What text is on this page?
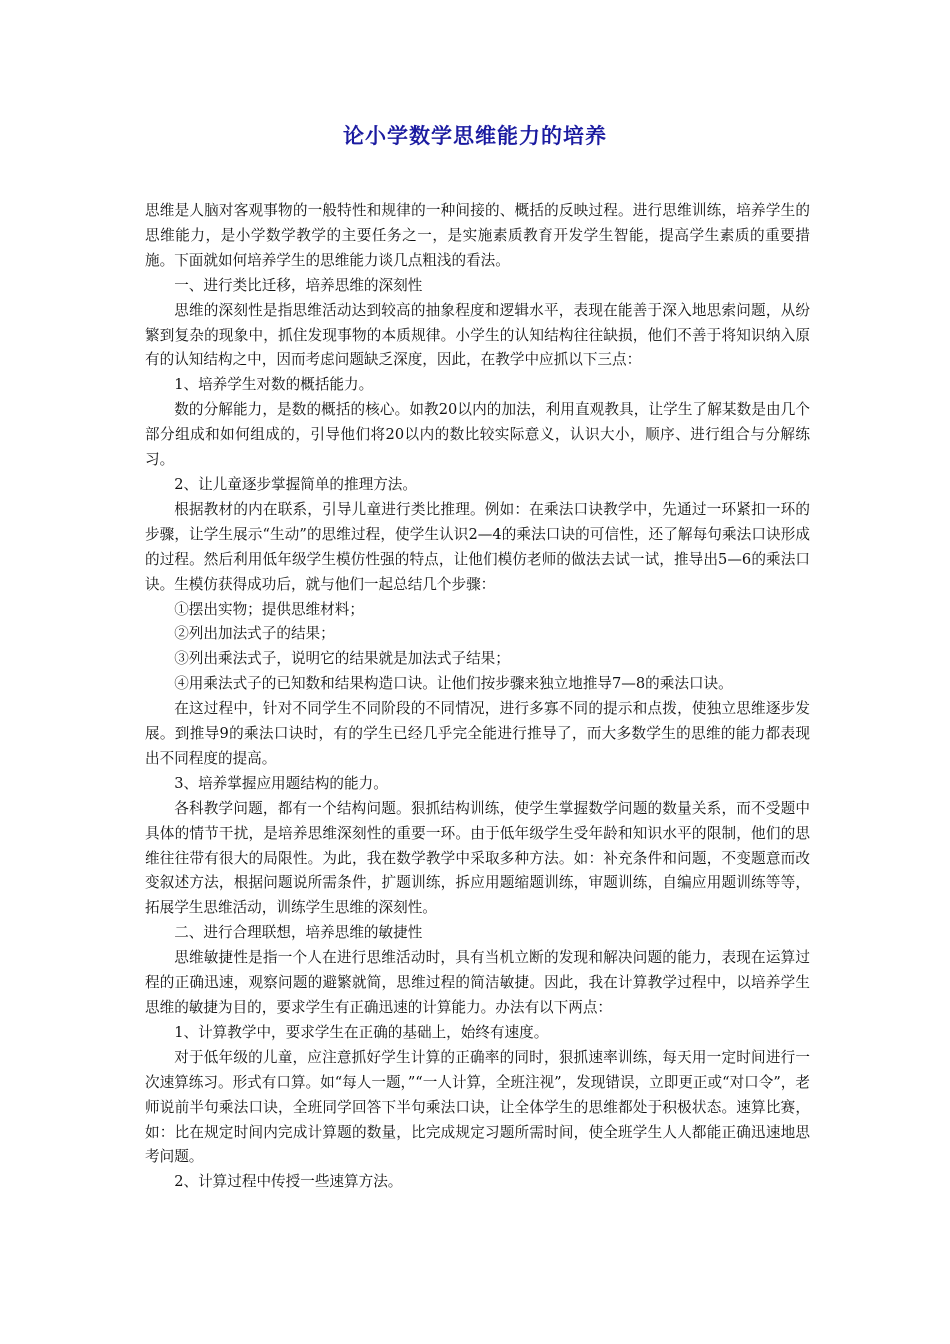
论小学数学思维能力的培养

思维是人脑对客观事物的一般特性和规律的一种间接的、概括的反映过程。进行思维训练，培养学生的思维能力，是小学数学教学的主要任务之一，是实施素质教育开发学生智能，提高学生素质的重要措施。下面就如何培养学生的思维能力谈几点粗浅的看法。

一、进行类比迁移，培养思维的深刻性

思维的深刻性是指思维活动达到较高的抽象程度和逻辑水平，表现在能善于深入地思索问题，从纷繁到复杂的现象中，抓住发现事物的本质规律。小学生的认知结构往往缺损，他们不善于将知识纳入原有的认知结构之中，因而考虑问题缺乏深度，因此，在教学中应抓以下三点：

1、培养学生对数的概括能力。

数的分解能力，是数的概括的核心。如教20以内的加法，利用直观教具，让学生了解某数是由几个部分组成和如何组成的，引导他们将20以内的数比较实际意义，认识大小，顺序、进行组合与分解练习。

2、让儿童逐步掌握简单的推理方法。

根据教材的内在联系，引导儿童进行类比推理。例如：在乘法口诀教学中，先通过一环紧扣一环的步骤，让学生展示“生动”的思维过程，使学生认识2—4的乘法口诀的可信性，还了解每句乘法口诀形成的过程。然后利用低年级学生模仿性强的特点，让他们模仿老师的做法去试一试，推导出5—6的乘法口诀。生模仿获得成功后，就与他们一起总结几个步骤：

①摆出实物；提供思维材料；

②列出加法式子的结果；

③列出乘法式子，说明它的结果就是加法式子结果；

④用乘法式子的已知数和结果构造口诀。让他们按步骤来独立地推导7—8的乘法口诀。

在这过程中，针对不同学生不同阶段的不同情况，进行多寡不同的提示和点拨，使独立思维逐步发展。到推导9的乘法口诀时，有的学生已经几乎完全能进行推导了，而大多数学生的思维的能力都表现出不同程度的提高。

3、培养掌握应用题结构的能力。

各科教学问题，都有一个结构问题。狠抓结构训练，使学生掌握数学问题的数量关系，而不受题中具体的情节干扰，是培养思维深刻性的重要一环。由于低年级学生受年龄和知识水平的限制，他们的思维往往带有很大的局限性。为此，我在数学教学中采取多种方法。如：补充条件和问题，不变题意而改变叙述方法，根据问题说所需条件，扩题训练，拆应用题缩题训练，审题训练，自编应用题训练等等，拓展学生思维活动，训练学生思维的深刻性。

二、进行合理联想，培养思维的敏捷性

思维敏捷性是指一个人在进行思维活动时，具有当机立断的发现和解决问题的能力，表现在运算过程的正确迅速，观察问题的避繁就简，思维过程的简洁敏捷。因此，我在计算教学过程中，以培养学生思维的敏捷为目的，要求学生有正确迅速的计算能力。办法有以下两点：

1、计算教学中，要求学生在正确的基础上，始终有速度。

对于低年级的儿童，应注意抓好学生计算的正确率的同时，狠抓速率训练，每天用一定时间进行一次速算练习。形式有口算。如“每人一题，”“一人计算，全班注视”，发现错误，立即更正或“对口令”，老师说前半句乘法口诀，全班同学回答下半句乘法口诀，让全体学生的思维都处于积极状态。速算比赛，如：比在规定时间内完成计算题的数量，比完成规定习题所需时间，使全班学生人人都能正确迅速地思考问题。

2、计算过程中传授一些速算方法。
